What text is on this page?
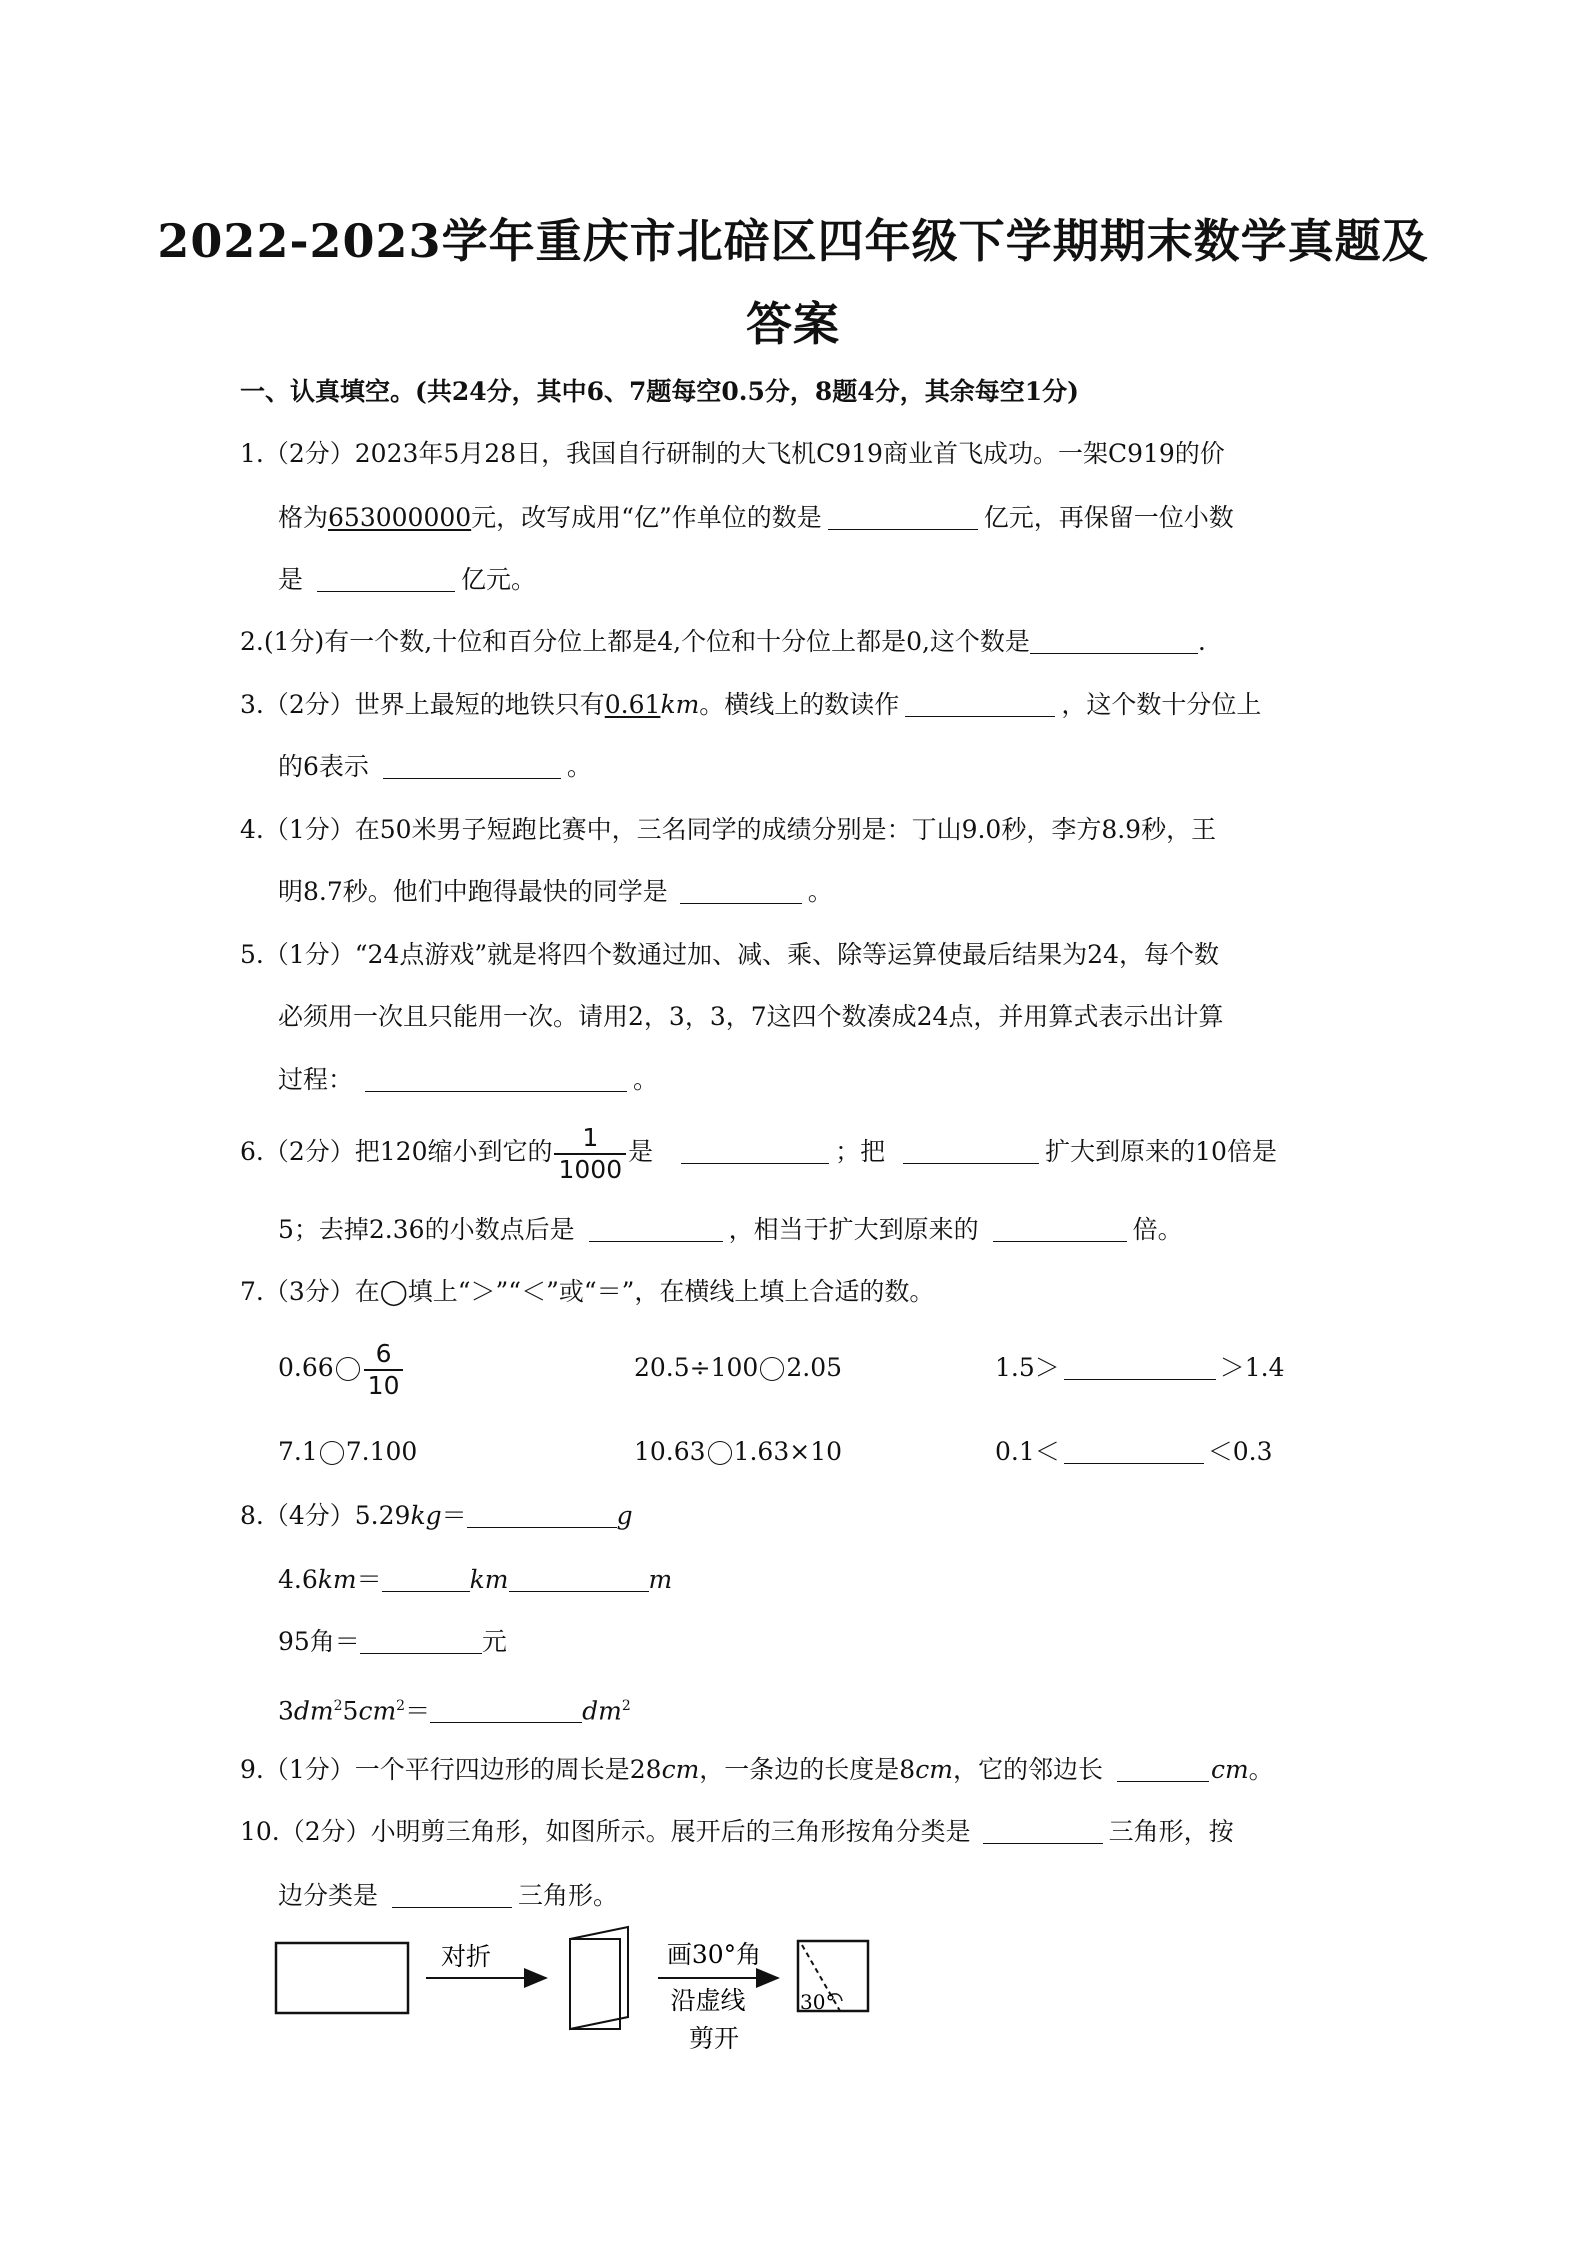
2022-2023学年重庆市北碚区四年级下学期期末数学真题及
答案
一、认真填空。(共24分，其中6、7题每空0.5分，8题4分，其余每空1分)
1.（2分）2023年5月28日，我国自行研制的大飞机C919商业首飞成功。一架C919的价
格为653000000元，改写成用“亿”作单位的数是	亿元，再保留一位小数
是	亿元。
2.(1分)有一个数,十位和百分位上都是4,个位和十分位上都是0,这个数是	.
3.（2分）世界上最短的地铁只有0.61km。横线上的数读作	，这个数十分位上
的6表示	。
4.（1分）在50米男子短跑比赛中，三名同学的成绩分别是：丁山9.0秒，李方8.9秒，王
明8.7秒。他们中跑得最快的同学是	。
5.（1分）“24点游戏”就是将四个数通过加、减、乘、除等运算使最后结果为24，每个数
必须用一次且只能用一次。请用2，3，3，7这四个数凑成24点，并用算式表示出计算
过程：	。
6.（2分）把120缩小到它的 $\frac{1}{1000}$ 是	；把	扩大到原来的10倍是
5；去掉2.36的小数点后是	，相当于扩大到原来的	倍。
7.（3分）在◯填上“＞”“＜”或“＝”，在横线上填上合适的数。
$0.66 \frac{6}{10}$	20.5÷100 2.05	1.5＞	＞1.4
7.1 7.100	10.63 1.63×10	0.1＜	＜0.3
8.（4分）5.29kg＝	g
4.6km＝	km	m
95角＝	元
$3dm^25cm^2=$	$dm^2$
9.（1分）一个平行四边形的周长是28cm，一条边的长度是8cm，它的邻边长	cm。
10.（2分）小明剪三角形，如图所示。展开后的三角形按角分类是	三角形，按
边分类是	三角形。
对折	画30°角
沿虚线
剪开
30°
